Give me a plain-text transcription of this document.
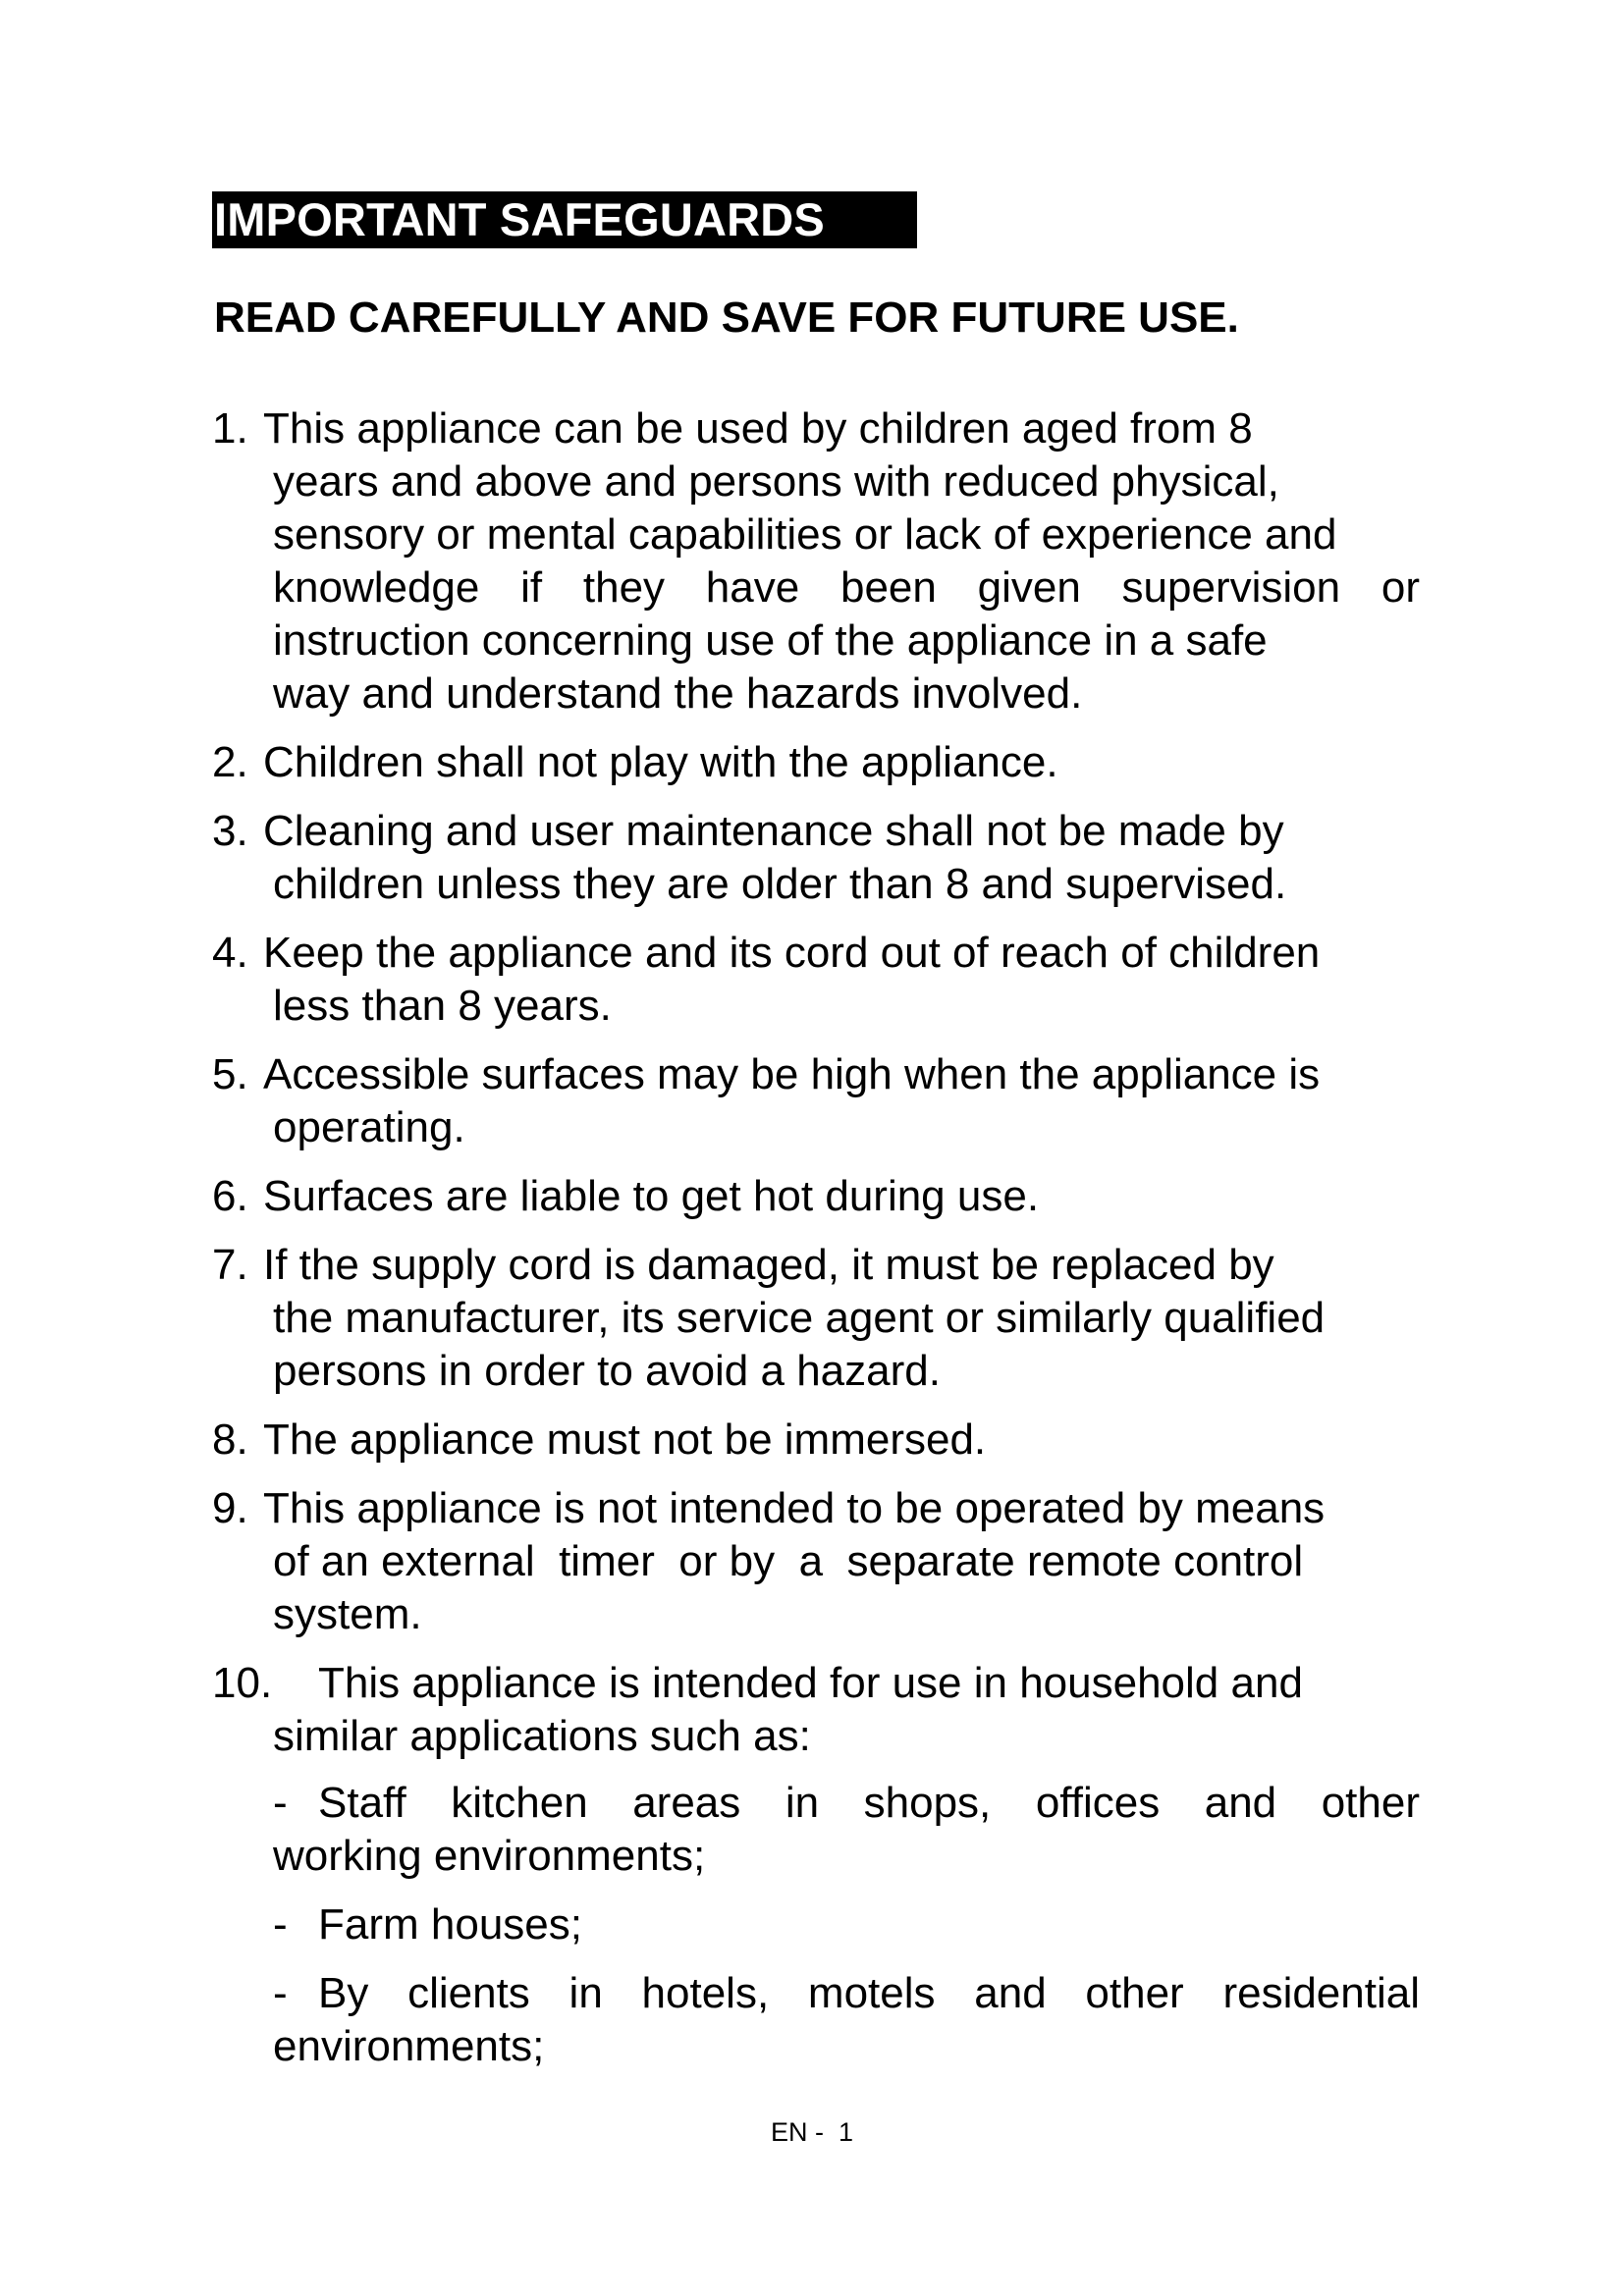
IMPORTANT SAFEGUARDS
READ CAREFULLY AND SAVE FOR FUTURE USE.
1. This appliance can be used by children aged from 8
years and above and persons with reduced physical,
sensory or mental capabilities or lack of experience and
knowledge if they have been given supervision or
instruction concerning use of the appliance in a safe
way and understand the hazards involved.
2. Children shall not play with the appliance.
3. Cleaning and user maintenance shall not be made by
children unless they are older than 8 and supervised.
4. Keep the appliance and its cord out of reach of children
less than 8 years.
5. Accessible surfaces may be high when the appliance is
operating.
6. Surfaces are liable to get hot during use.
7. If the supply cord is damaged, it must be replaced by
the manufacturer, its service agent or similarly qualified
persons in order to avoid a hazard.
8. The appliance must not be immersed.
9. This appliance is not intended to be operated by means
of an external  timer  or by  a  separate remote control
system.
10.	This appliance is intended for use in household and
similar applications such as:
- Staff kitchen areas in shops, offices and other
working environments;
- Farm houses;
- By clients in hotels, motels and other residential
environments;
EN -  1
